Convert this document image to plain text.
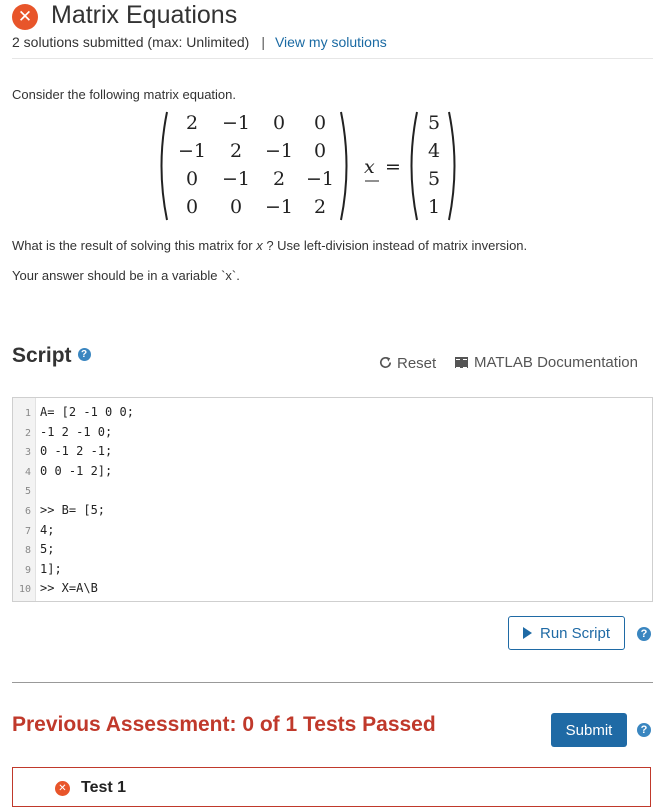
✕ Matrix Equations
2 solutions submitted (max: Unlimited) | View my solutions
Consider the following matrix equation.
2	−1	0	0
−1	2	−1	0
0	−1	2	−1
0	0	−1	2
x =
5
4
5
1
What is the result of solving this matrix for x ? Use left-division instead of matrix inversion.
Your answer should be in a variable `x`.
Script ?
Reset	MATLAB Documentation
1 A= [2 -1 0 0;
2 -1 2 -1 0;
3 0 -1 2 -1;
4 0 0 -1 2];
5
6 >> B= [5;
7 4;
8 5;
9 1];
10 >> X=A\B
Run Script	?
Previous Assessment: 0 of 1 Tests Passed	Submit	?
✕ Test 1
